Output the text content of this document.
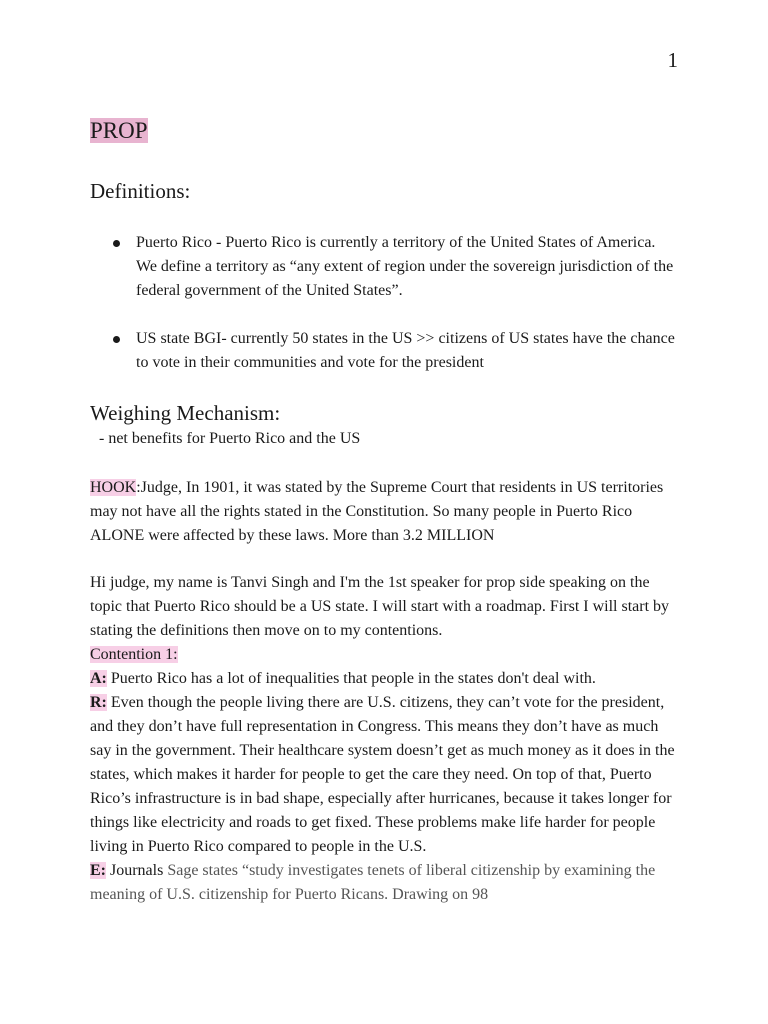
1
PROP
Definitions:
Puerto Rico - Puerto Rico is currently a territory of the United States of America. We define a territory as “any extent of region under the sovereign jurisdiction of the federal government of the United States”.
US state BGI- currently 50 states in the US >> citizens of US states have the chance to vote in their communities and vote for the president
Weighing Mechanism:
- net benefits for Puerto Rico and the US
HOOK:Judge, In 1901, it was stated by the Supreme Court that residents in US territories may not have all the rights stated in the Constitution. So many people in Puerto Rico ALONE were affected by these laws. More than 3.2 MILLION
Hi judge, my name is Tanvi Singh and I'm the 1st speaker for prop side speaking on the topic that Puerto Rico should be a US state. I will start with a roadmap. First I will start by stating the definitions then move on to my contentions.
Contention 1:
A: Puerto Rico has a lot of inequalities that people in the states don't deal with.
R: Even though the people living there are U.S. citizens, they can’t vote for the president, and they don’t have full representation in Congress. This means they don’t have as much say in the government. Their healthcare system doesn’t get as much money as it does in the states, which makes it harder for people to get the care they need. On top of that, Puerto Rico’s infrastructure is in bad shape, especially after hurricanes, because it takes longer for things like electricity and roads to get fixed. These problems make life harder for people living in Puerto Rico compared to people in the U.S.
E: Journals Sage states “study investigates tenets of liberal citizenship by examining the meaning of U.S. citizenship for Puerto Ricans. Drawing on 98
